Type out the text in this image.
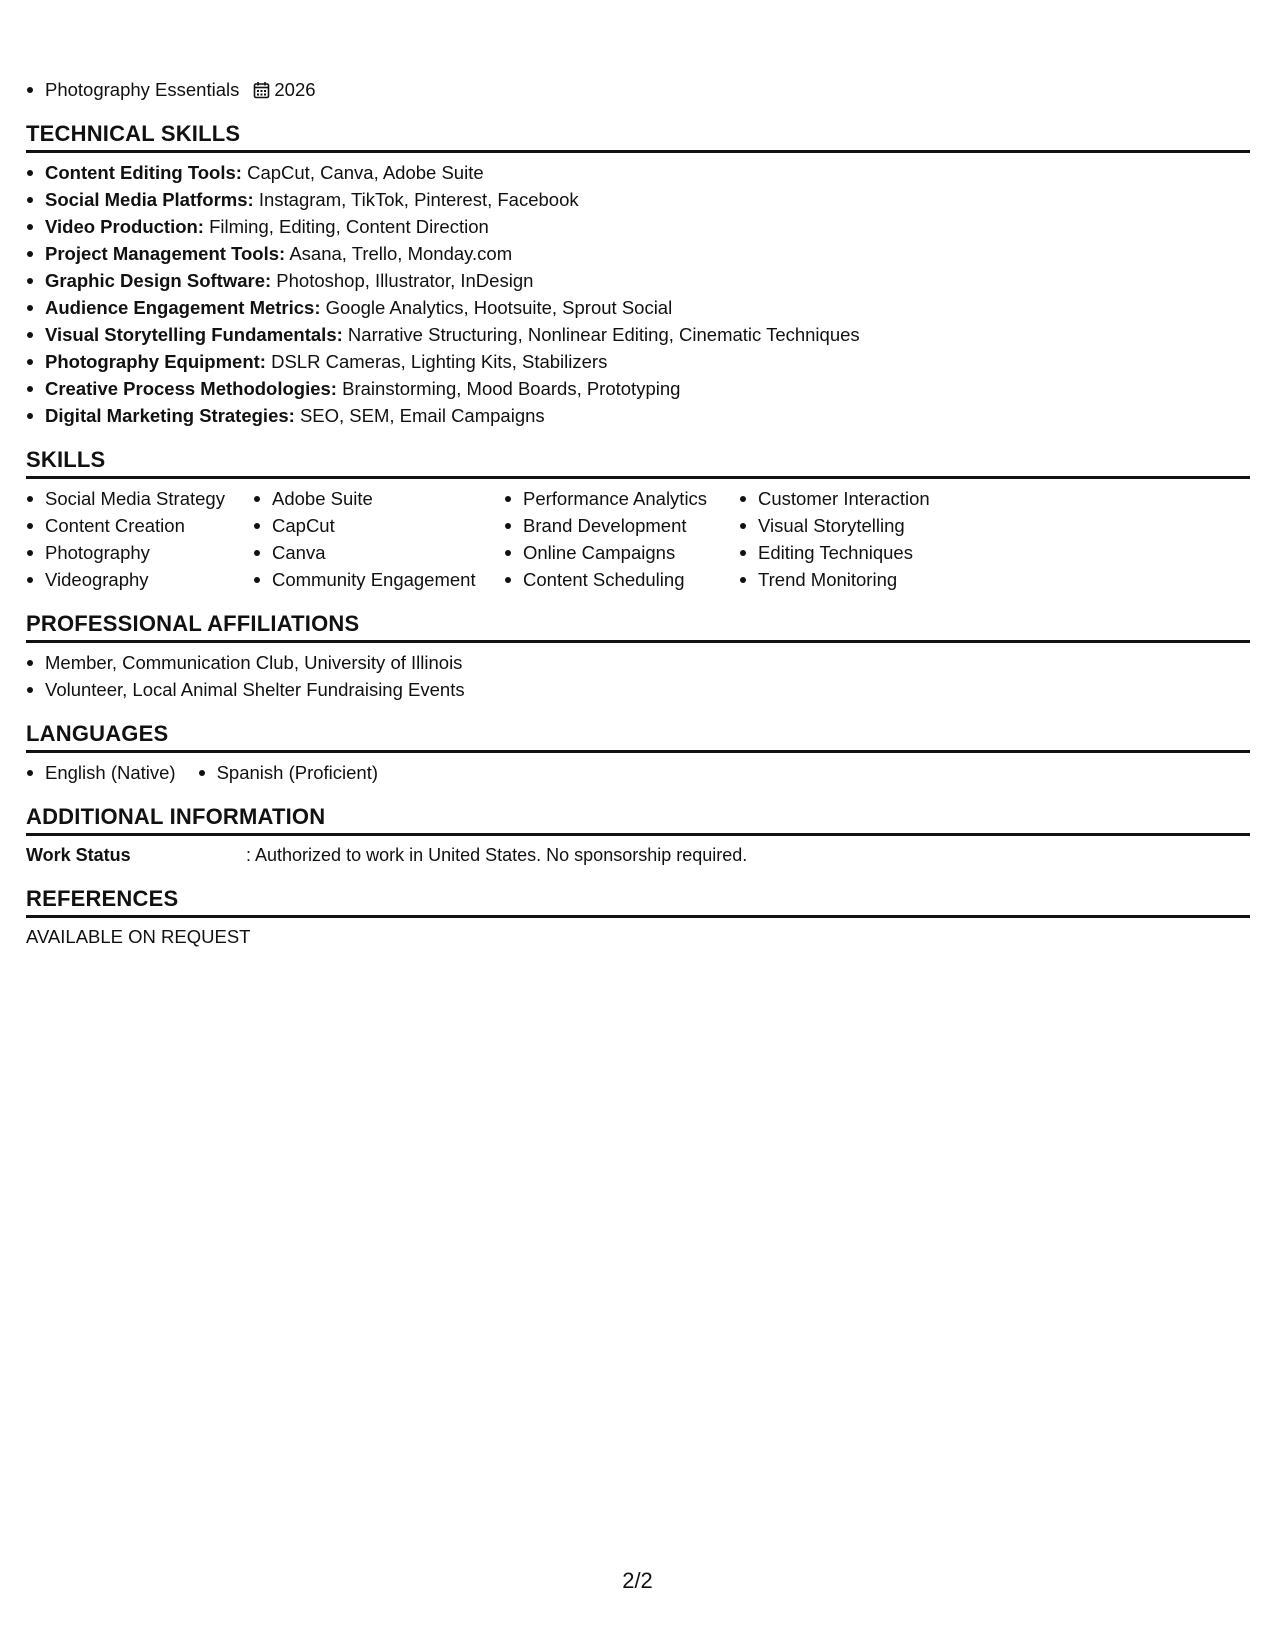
Photography Essentials 2026
TECHNICAL SKILLS
Content Editing Tools: CapCut, Canva, Adobe Suite
Social Media Platforms: Instagram, TikTok, Pinterest, Facebook
Video Production: Filming, Editing, Content Direction
Project Management Tools: Asana, Trello, Monday.com
Graphic Design Software: Photoshop, Illustrator, InDesign
Audience Engagement Metrics: Google Analytics, Hootsuite, Sprout Social
Visual Storytelling Fundamentals: Narrative Structuring, Nonlinear Editing, Cinematic Techniques
Photography Equipment: DSLR Cameras, Lighting Kits, Stabilizers
Creative Process Methodologies: Brainstorming, Mood Boards, Prototyping
Digital Marketing Strategies: SEO, SEM, Email Campaigns
SKILLS
Social Media Strategy
Content Creation
Photography
Videography
Adobe Suite
CapCut
Canva
Community Engagement
Performance Analytics
Brand Development
Online Campaigns
Content Scheduling
Customer Interaction
Visual Storytelling
Editing Techniques
Trend Monitoring
PROFESSIONAL AFFILIATIONS
Member, Communication Club, University of Illinois
Volunteer, Local Animal Shelter Fundraising Events
LANGUAGES
English (Native)	Spanish (Proficient)
ADDITIONAL INFORMATION
Work Status	: Authorized to work in United States. No sponsorship required.
REFERENCES
AVAILABLE ON REQUEST
2/2
